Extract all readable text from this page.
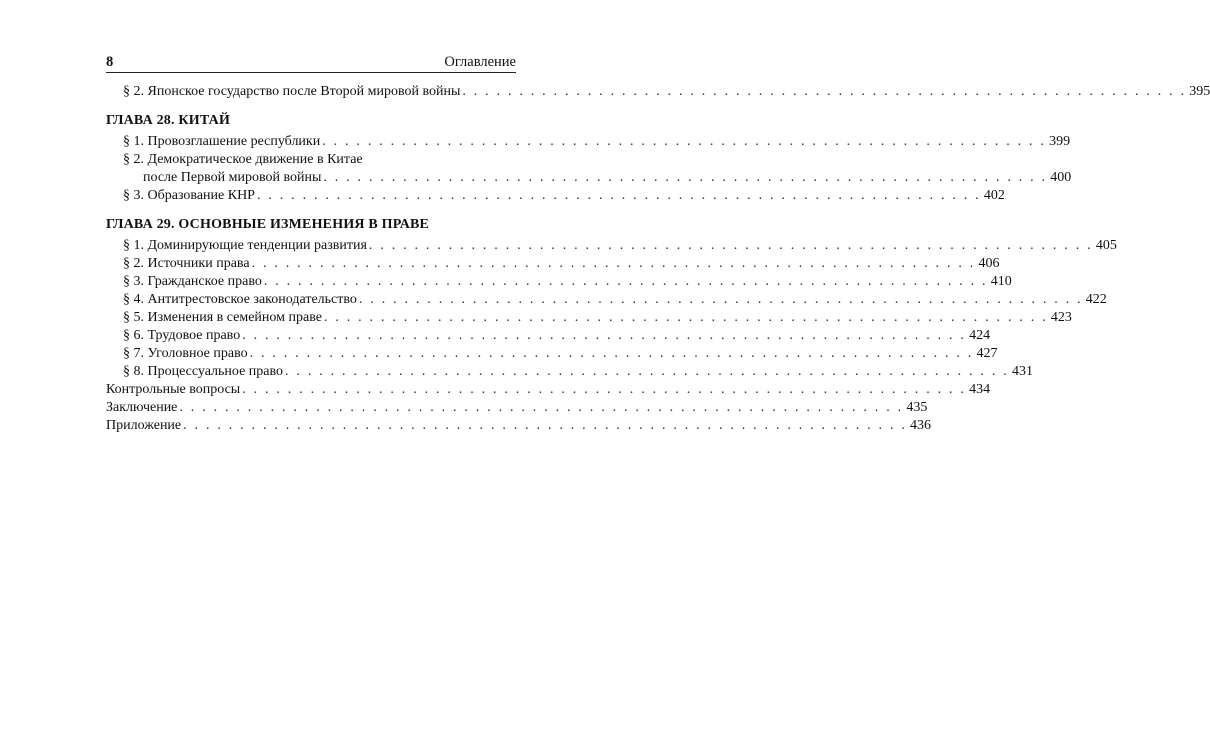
8	Оглавление
§ 2. Японское государство после Второй мировой войны . . . . . . . . . . . . . . . . . . . . . . . . . . . . . . . . . . . . . . . . . . . . . . . . . . . . . . . . . . . . . . . . 395
ГЛАВА 28. КИТАЙ
§ 1. Провозглашение республики . . . . . . . . . . . . . . . . . . . . . . . . . . . . . . . . . . . . . . . . . . . . . . . . . . . . . . . . . . . . . . . . 399
§ 2. Демократическое движение в Китае
после Первой мировой войны . . . . . . . . . . . . . . . . . . . . . . . . . . . . . . . . . . . . . . . . . . . . . . . . . . . . . . . . . . . . . . . . 400
§ 3. Образование КНР . . . . . . . . . . . . . . . . . . . . . . . . . . . . . . . . . . . . . . . . . . . . . . . . . . . . . . . . . . . . . . . . 402
ГЛАВА 29. ОСНОВНЫЕ ИЗМЕНЕНИЯ В ПРАВЕ
§ 1. Доминирующие тенденции развития . . . . . . . . . . . . . . . . . . . . . . . . . . . . . . . . . . . . . . . . . . . . . . . . . . . . . . . . . . . . . . . . 405
§ 2. Источники права . . . . . . . . . . . . . . . . . . . . . . . . . . . . . . . . . . . . . . . . . . . . . . . . . . . . . . . . . . . . . . . . 406
§ 3. Гражданское право . . . . . . . . . . . . . . . . . . . . . . . . . . . . . . . . . . . . . . . . . . . . . . . . . . . . . . . . . . . . . . . . 410
§ 4. Антитрестовское законодательство . . . . . . . . . . . . . . . . . . . . . . . . . . . . . . . . . . . . . . . . . . . . . . . . . . . . . . . . . . . . . . . . 422
§ 5. Изменения в семейном праве . . . . . . . . . . . . . . . . . . . . . . . . . . . . . . . . . . . . . . . . . . . . . . . . . . . . . . . . . . . . . . . . 423
§ 6. Трудовое право . . . . . . . . . . . . . . . . . . . . . . . . . . . . . . . . . . . . . . . . . . . . . . . . . . . . . . . . . . . . . . . . 424
§ 7. Уголовное право . . . . . . . . . . . . . . . . . . . . . . . . . . . . . . . . . . . . . . . . . . . . . . . . . . . . . . . . . . . . . . . . 427
§ 8. Процессуальное право . . . . . . . . . . . . . . . . . . . . . . . . . . . . . . . . . . . . . . . . . . . . . . . . . . . . . . . . . . . . . . . . 431
Контрольные вопросы . . . . . . . . . . . . . . . . . . . . . . . . . . . . . . . . . . . . . . . . . . . . . . . . . . . . . . . . . . . . . . . . 434
Заключение . . . . . . . . . . . . . . . . . . . . . . . . . . . . . . . . . . . . . . . . . . . . . . . . . . . . . . . . . . . . . . . . 435
Приложение . . . . . . . . . . . . . . . . . . . . . . . . . . . . . . . . . . . . . . . . . . . . . . . . . . . . . . . . . . . . . . . . 436
